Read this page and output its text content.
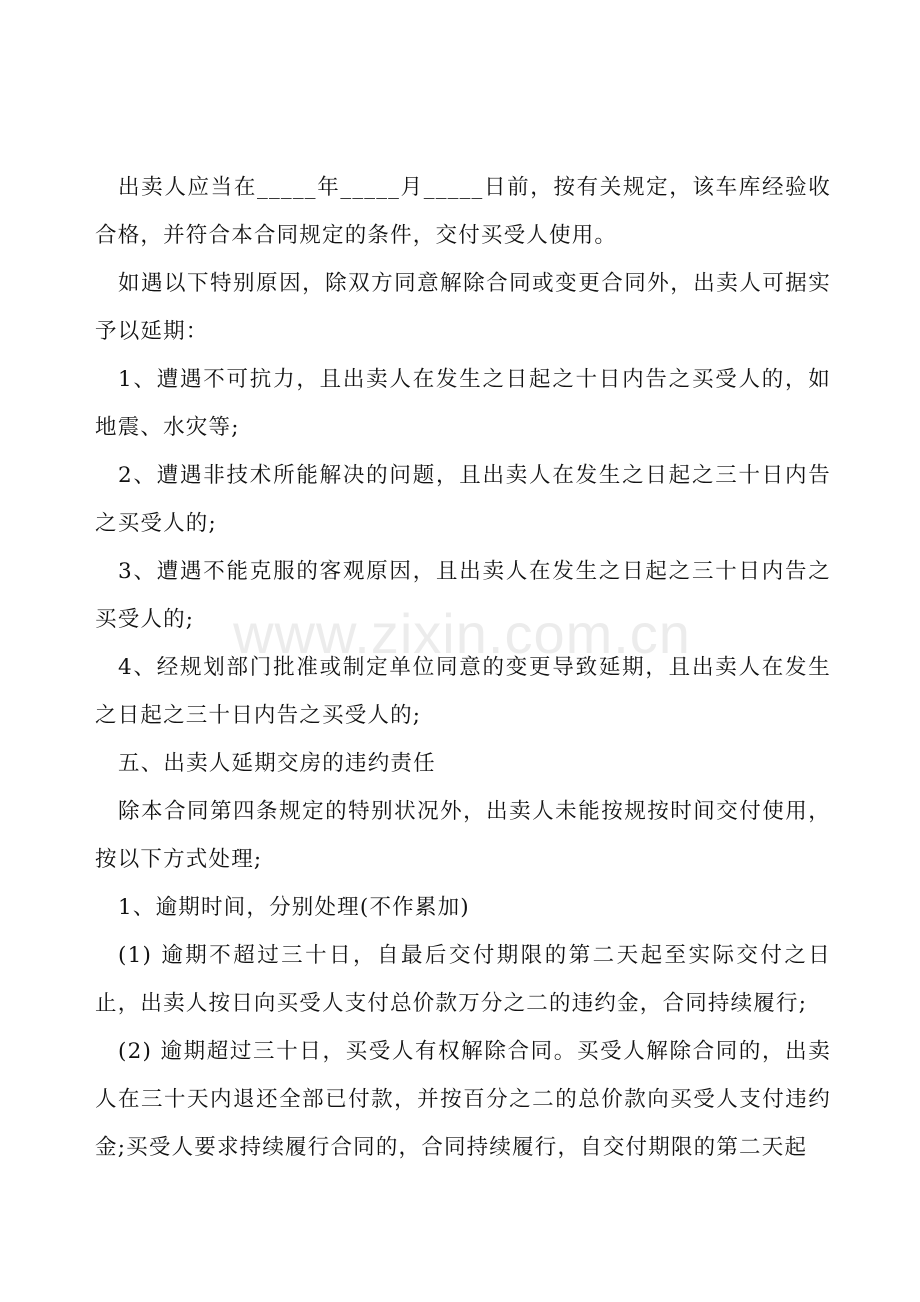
出卖人应当在_____年_____月_____日前，按有关规定，该车库经验收合格，并符合本合同规定的条件，交付买受人使用。

如遇以下特别原因，除双方同意解除合同或变更合同外，出卖人可据实予以延期：

1、遭遇不可抗力，且出卖人在发生之日起之十日内告之买受人的，如地震、水灾等;

2、遭遇非技术所能解决的问题，且出卖人在发生之日起之三十日内告之买受人的;

3、遭遇不能克服的客观原因，且出卖人在发生之日起之三十日内告之买受人的;

4、经规划部门批准或制定单位同意的变更导致延期，且出卖人在发生之日起之三十日内告之买受人的;

五、出卖人延期交房的违约责任

除本合同第四条规定的特别状况外，出卖人未能按规按时间交付使用，按以下方式处理;

1、逾期时间，分别处理(不作累加)

(1) 逾期不超过三十日，自最后交付期限的第二天起至实际交付之日止，出卖人按日向买受人支付总价款万分之二的违约金，合同持续履行;

(2) 逾期超过三十日，买受人有权解除合同。买受人解除合同的，出卖人在三十天内退还全部已付款，并按百分之二的总价款向买受人支付违约金;买受人要求持续履行合同的，合同持续履行，自交付期限的第二天起

www.zixin.com.cn
